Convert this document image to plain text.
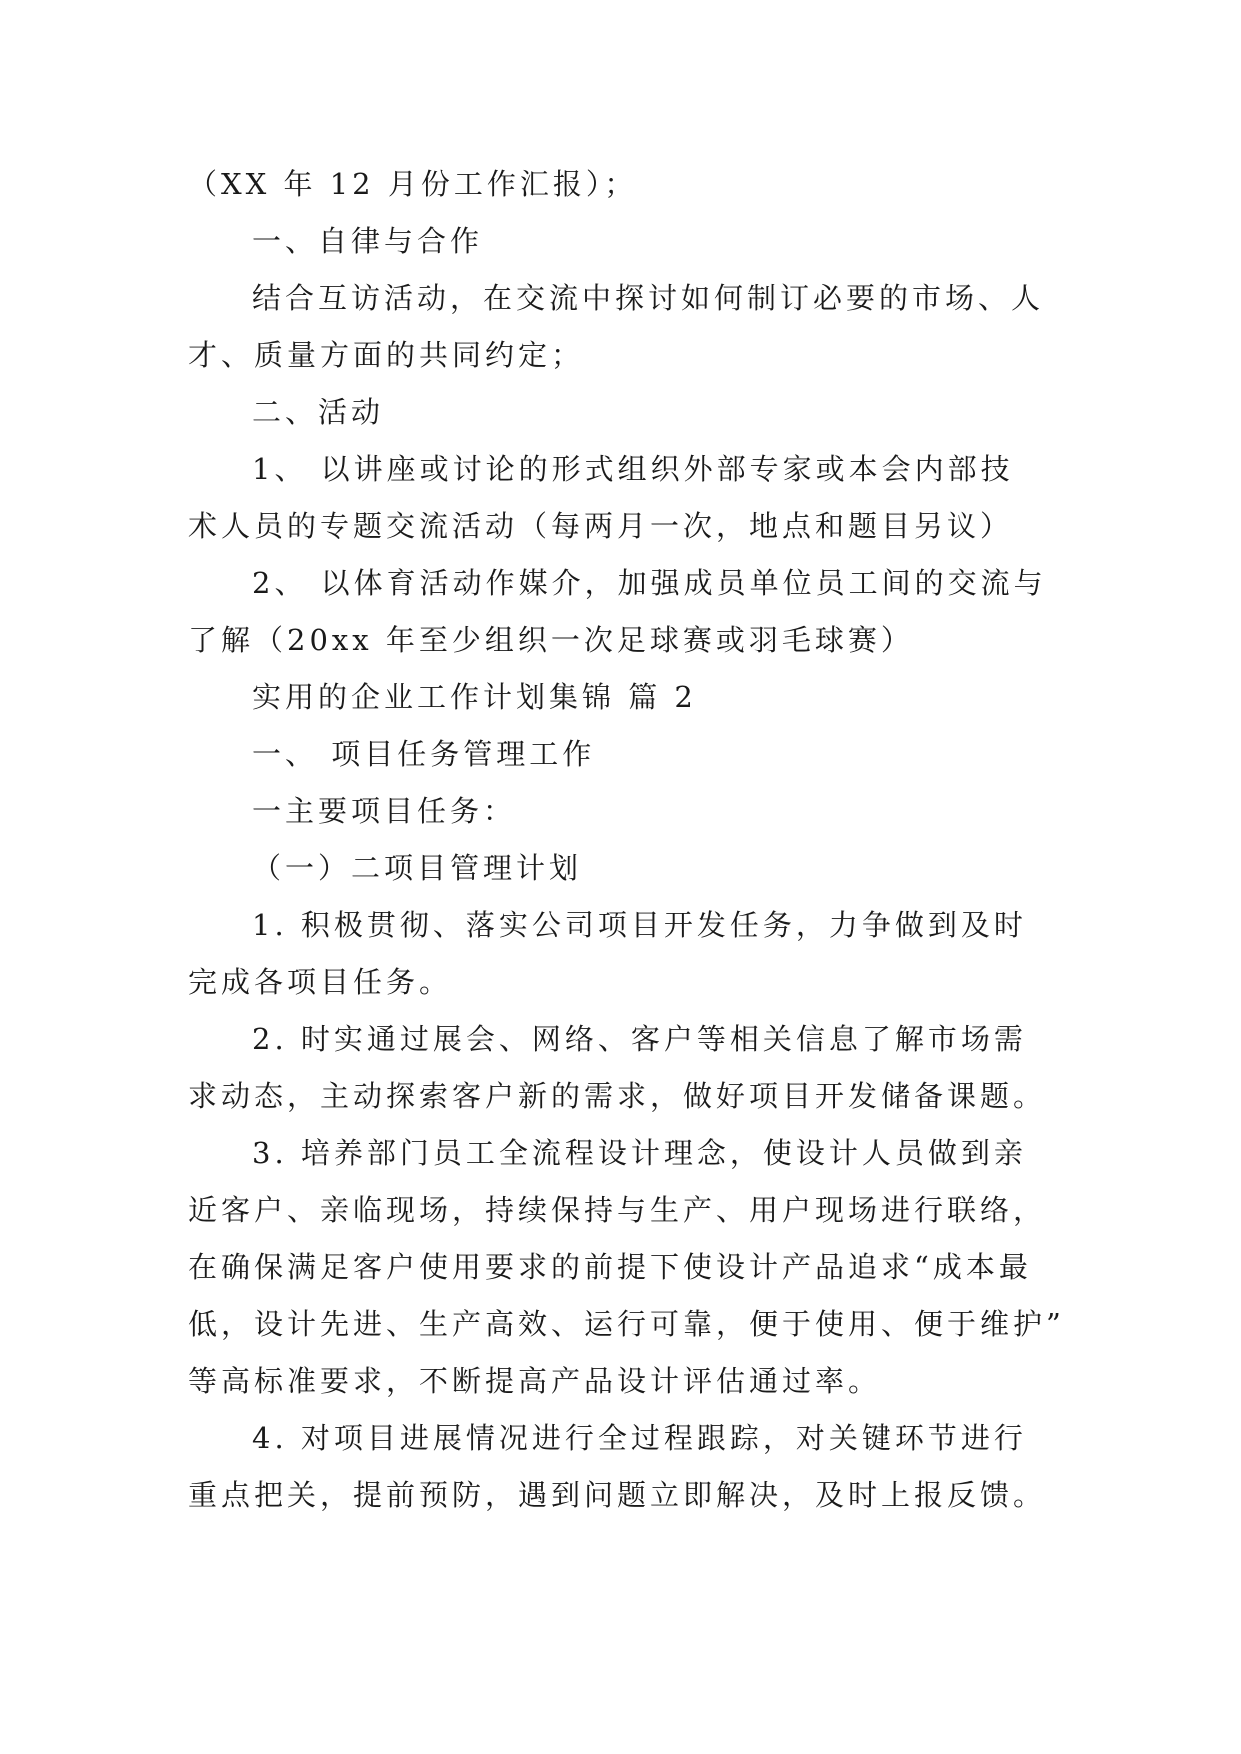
（XX 年 12 月份工作汇报）；
一、自律与合作
结合互访活动，在交流中探讨如何制订必要的市场、人
才、质量方面的共同约定；
二、活动
1、 以讲座或讨论的形式组织外部专家或本会内部技
术人员的专题交流活动（每两月一次，地点和题目另议）
2、 以体育活动作媒介，加强成员单位员工间的交流与
了解（20xx 年至少组织一次足球赛或羽毛球赛）
实用的企业工作计划集锦 篇 2
一、 项目任务管理工作
一主要项目任务：
（一）二项目管理计划
1. 积极贯彻、落实公司项目开发任务，力争做到及时
完成各项目任务。
2. 时实通过展会、网络、客户等相关信息了解市场需
求动态，主动探索客户新的需求，做好项目开发储备课题。
3. 培养部门员工全流程设计理念，使设计人员做到亲
近客户、亲临现场，持续保持与生产、用户现场进行联络，
在确保满足客户使用要求的前提下使设计产品追求“成本最
低，设计先进、生产高效、运行可靠，便于使用、便于维护”
等高标准要求，不断提高产品设计评估通过率。
4. 对项目进展情况进行全过程跟踪，对关键环节进行
重点把关，提前预防，遇到问题立即解决，及时上报反馈。
